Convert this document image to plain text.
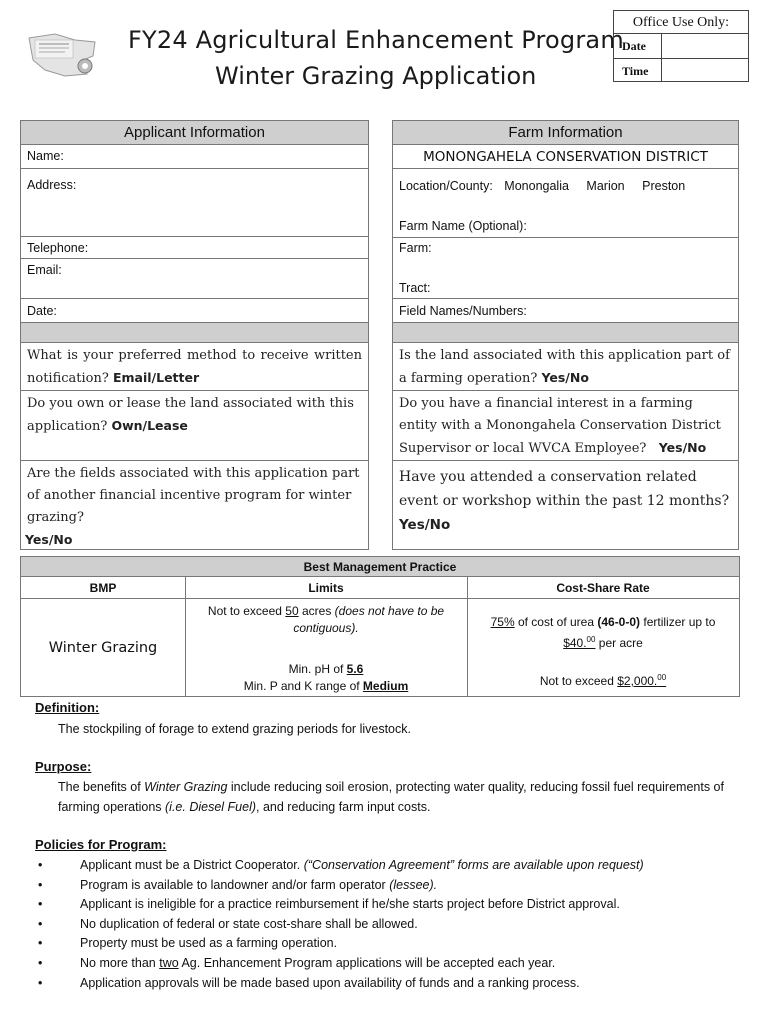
FY24 Agricultural Enhancement Program
Winter Grazing Application
Office Use Only:
Date
Time
Applicant Information
Name:
Address:
Telephone:
Email:
Date:
What is your preferred method to receive written notification? Email/Letter
Do you own or lease the land associated with this application? Own/Lease
Are the fields associated with this application part of another financial incentive program for winter grazing?
Yes/No
Farm Information
MONONGAHELA CONSERVATION DISTRICT
Location/County: Monongalia Marion Preston
Farm Name (Optional):
Farm:
Tract:
Field Names/Numbers:
Is the land associated with this application part of a farming operation? Yes/No
Do you have a financial interest in a farming entity with a Monongahela Conservation District Supervisor or local WVCA Employee? Yes/No
Have you attended a conservation related event or workshop within the past 12 months? Yes/No
Best Management Practice
BMP	Limits	Cost-Share Rate
Winter Grazing
Not to exceed 50 acres (does not have to be contiguous).
Min. pH of 5.6
Min. P and K range of Medium
75% of cost of urea (46-0-0) fertilizer up to
$40.00 per acre
Not to exceed $2,000.00
Definition:
The stockpiling of forage to extend grazing periods for livestock.
Purpose:
The benefits of Winter Grazing include reducing soil erosion, protecting water quality, reducing fossil fuel requirements of farming operations (i.e. Diesel Fuel), and reducing farm input costs.
Policies for Program:
• Applicant must be a District Cooperator. (“Conservation Agreement” forms are available upon request)
• Program is available to landowner and/or farm operator (lessee).
• Applicant is ineligible for a practice reimbursement if he/she starts project before District approval.
• No duplication of federal or state cost-share shall be allowed.
• Property must be used as a farming operation.
• No more than two Ag. Enhancement Program applications will be accepted each year.
• Application approvals will be made based upon availability of funds and a ranking process.
